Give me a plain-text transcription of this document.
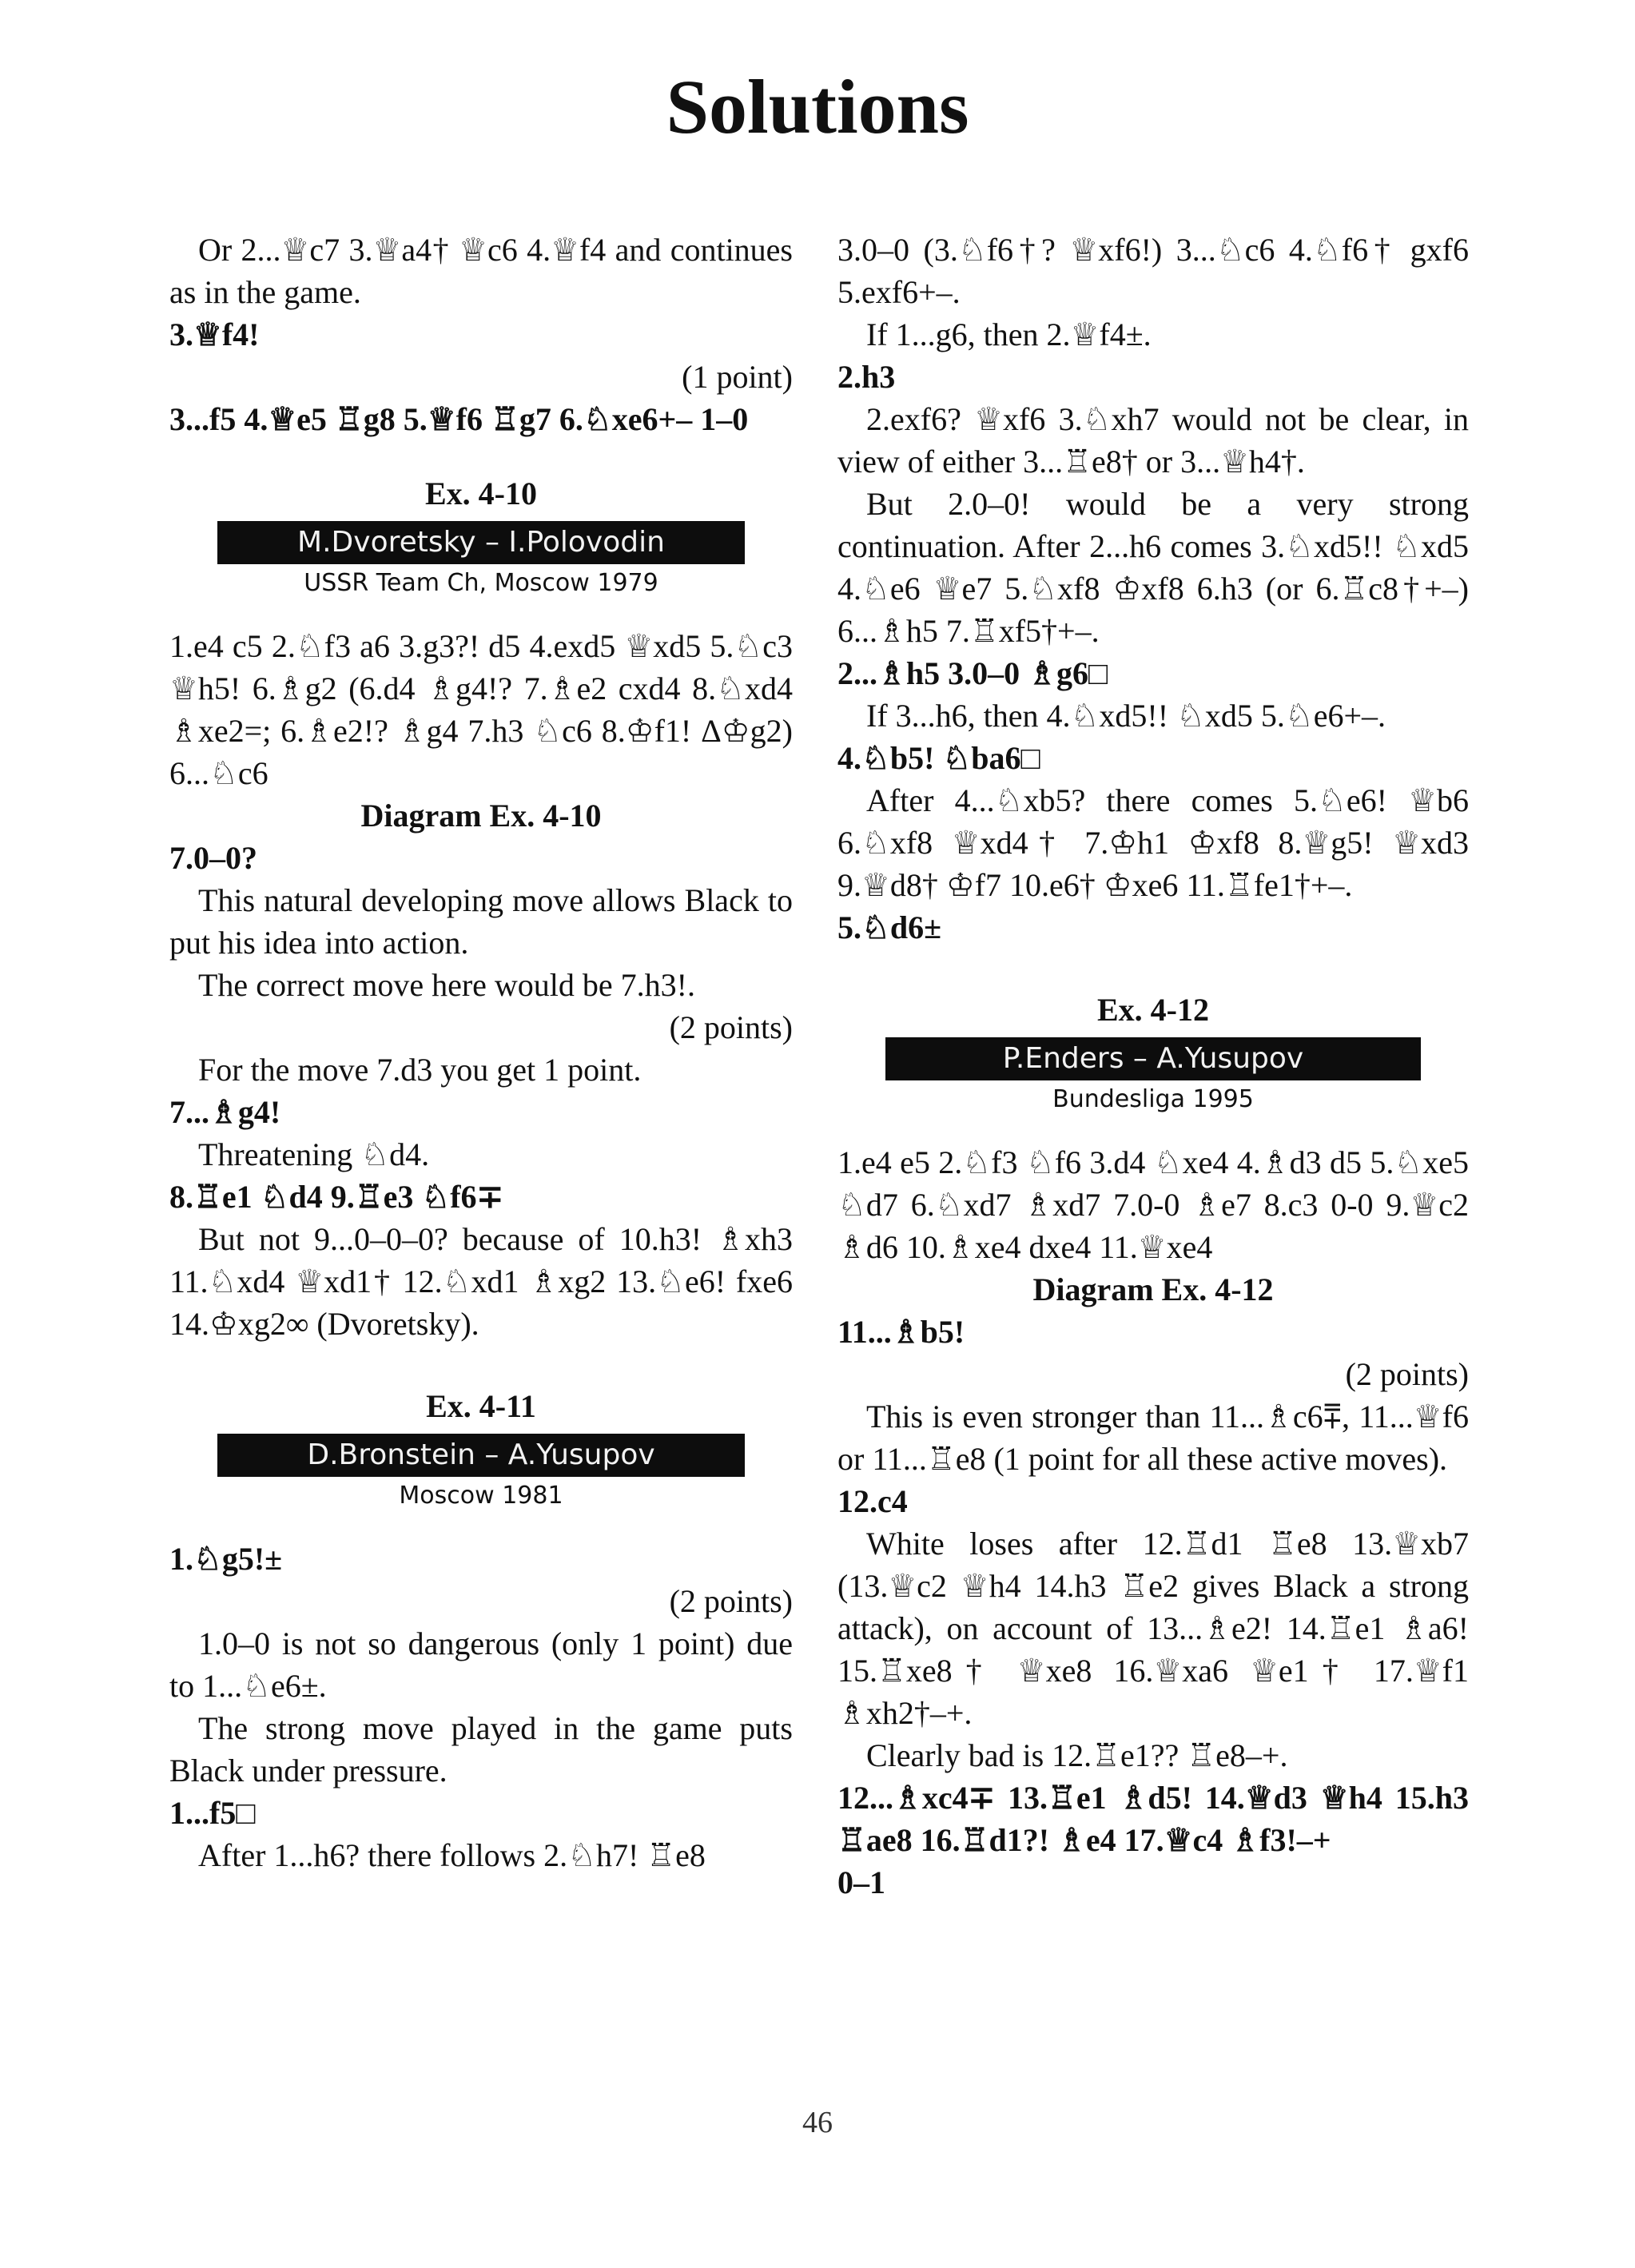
Solutions

Or 2...♕c7 3.♕a4† ♕c6 4.♕f4 and continues as in the game.

3.♕f4!

(1 point)

3...f5 4.♕e5 ♖g8 5.♕f6 ♖g7 6.♘xe6+– 1–0

Ex. 4-10
M.Dvoretsky – I.Polovodin
USSR Team Ch, Moscow 1979

1.e4 c5 2.♘f3 a6 3.g3?! d5 4.exd5 ♕xd5 5.♘c3 ♕h5! 6.♗g2 (6.d4 ♗g4!? 7.♗e2 cxd4 8.♘xd4 ♗xe2=; 6.♗e2!? ♗g4 7.h3 ♘c6 8.♔f1! Δ♔g2) 6...♘c6

Diagram Ex. 4-10

7.0–0?

This natural developing move allows Black to put his idea into action.

The correct move here would be 7.h3!.

(2 points)

For the move 7.d3 you get 1 point.

7...♗g4!

Threatening ♘d4.

8.♖e1 ♘d4 9.♖e3 ♘f6∓

But not 9...0–0–0? because of 10.h3! ♗xh3 11.♘xd4 ♕xd1† 12.♘xd1 ♗xg2 13.♘e6! fxe6 14.♔xg2∞ (Dvoretsky).

Ex. 4-11
D.Bronstein – A.Yusupov
Moscow 1981

1.♘g5!±

(2 points)

1.0–0 is not so dangerous (only 1 point) due to 1...♘e6±.

The strong move played in the game puts Black under pressure.

1...f5□

After 1...h6? there follows 2.♘h7! ♖e8

3.0–0 (3.♘f6†? ♕xf6!) 3...♘c6 4.♘f6† gxf6 5.exf6+–.

If 1...g6, then 2.♕f4±.

2.h3

2.exf6? ♕xf6 3.♘xh7 would not be clear, in view of either 3...♖e8† or 3...♕h4†.

But 2.0–0! would be a very strong continuation. After 2...h6 comes 3.♘xd5!! ♘xd5 4.♘e6 ♕e7 5.♘xf8 ♔xf8 6.h3 (or 6.♖c8†+–) 6...♗h5 7.♖xf5†+–.

2...♗h5 3.0–0 ♗g6□

If 3...h6, then 4.♘xd5!! ♘xd5 5.♘e6+–.

4.♘b5! ♘ba6□

After 4...♘xb5? there comes 5.♘e6! ♕b6 6.♘xf8 ♕xd4† 7.♔h1 ♔xf8 8.♕g5! ♕xd3 9.♕d8† ♔f7 10.e6† ♔xe6 11.♖fe1†+–.

5.♘d6±

Ex. 4-12
P.Enders – A.Yusupov
Bundesliga 1995

1.e4 e5 2.♘f3 ♘f6 3.d4 ♘xe4 4.♗d3 d5 5.♘xe5 ♘d7 6.♘xd7 ♗xd7 7.0-0 ♗e7 8.c3 0-0 9.♕c2 ♗d6 10.♗xe4 dxe4 11.♕xe4

Diagram Ex. 4-12

11...♗b5!

(2 points)

This is even stronger than 11...♗c6⩱, 11...♕f6 or 11...♖e8 (1 point for all these active moves).

12.c4

White loses after 12.♖d1 ♖e8 13.♕xb7 (13.♕c2 ♕h4 14.h3 ♖e2 gives Black a strong attack), on account of 13...♗e2! 14.♖e1 ♗a6! 15.♖xe8† ♕xe8 16.♕xa6 ♕e1† 17.♕f1 ♗xh2†–+.

Clearly bad is 12.♖e1?? ♖e8–+.

12...♗xc4∓ 13.♖e1 ♗d5! 14.♕d3 ♕h4 15.h3 ♖ae8 16.♖d1?! ♗e4 17.♕c4 ♗f3!–+

0–1

46
